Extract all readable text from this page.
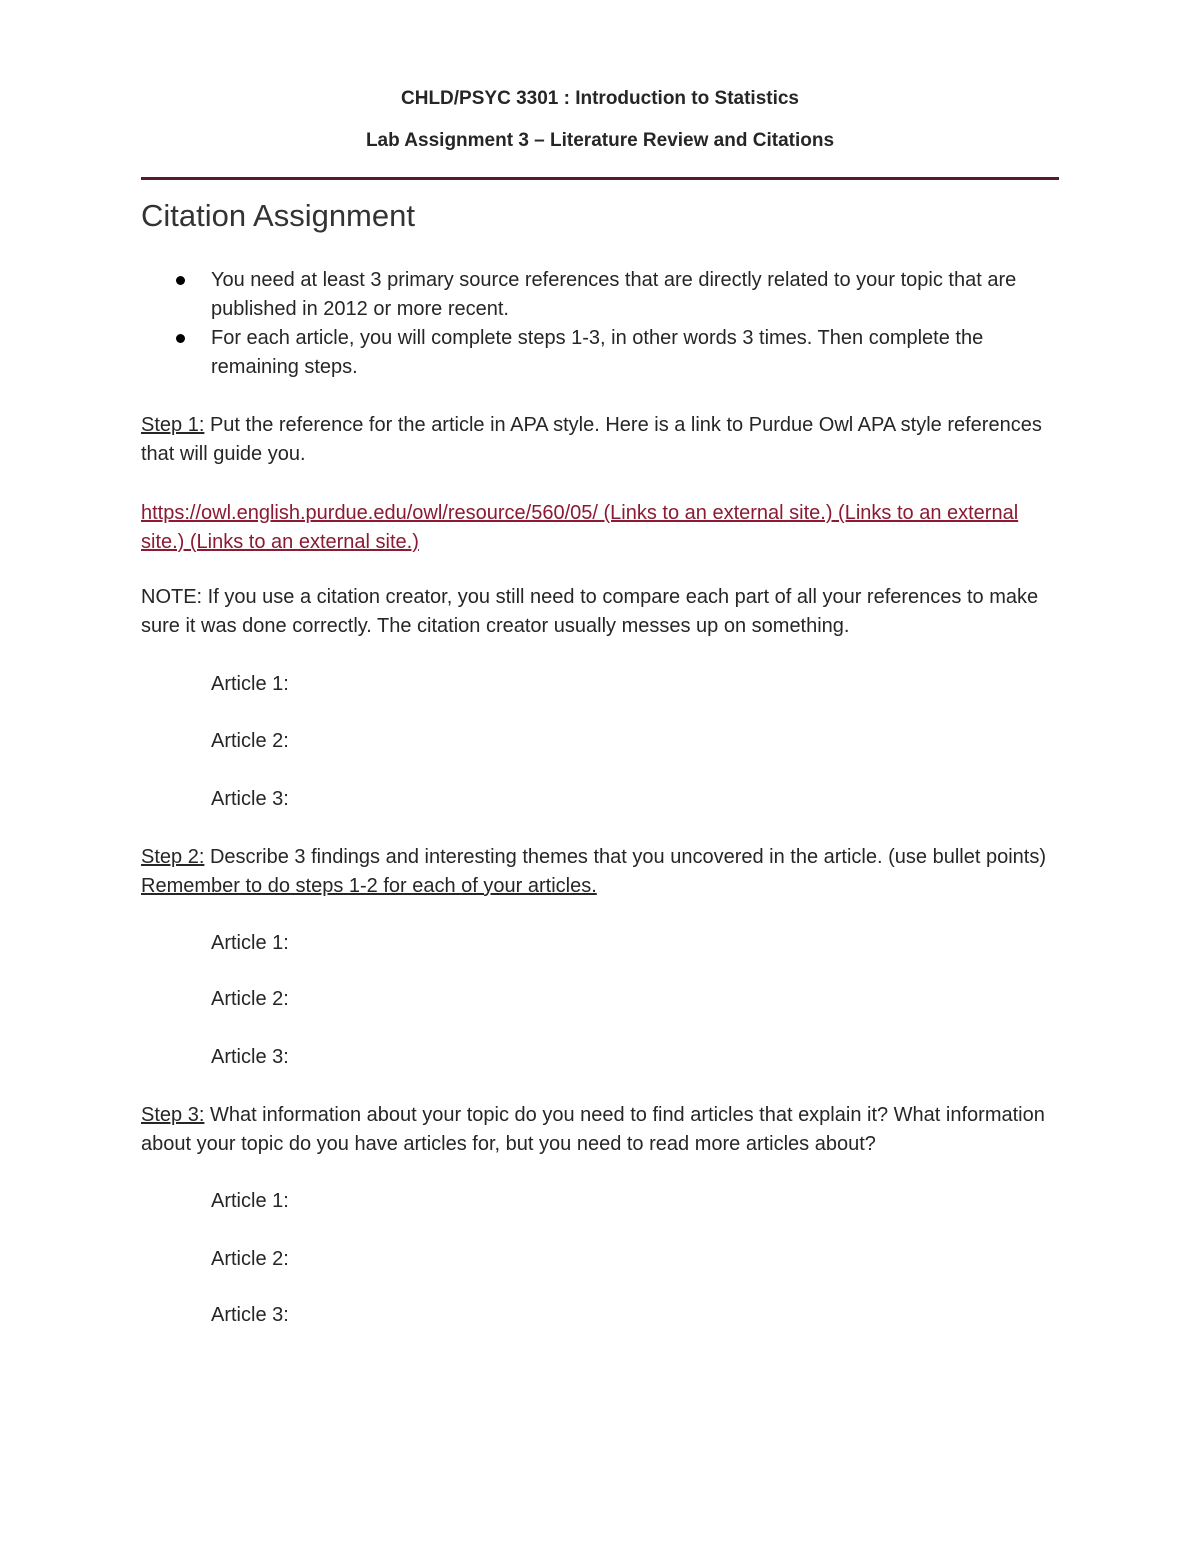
CHLD/PSYC 3301 : Introduction to Statistics
Lab Assignment 3 – Literature Review and Citations
Citation Assignment
You need at least 3 primary source references that are directly related to your topic that are published in 2012 or more recent.
For each article, you will complete steps 1-3, in other words 3 times. Then complete the remaining steps.

Step 1: Put the reference for the article in APA style. Here is a link to Purdue Owl APA style references that will guide you.

https://owl.english.purdue.edu/owl/resource/560/05/ (Links to an external site.) (Links to an external site.) (Links to an external site.)

NOTE: If you use a citation creator, you still need to compare each part of all your references to make sure it was done correctly. The citation creator usually messes up on something.

Article 1:
Article 2:
Article 3:

Step 2: Describe 3 findings and interesting themes that you uncovered in the article. (use bullet points) Remember to do steps 1-2 for each of your articles.

Article 1:
Article 2:
Article 3:

Step 3: What information about your topic do you need to find articles that explain it? What information about your topic do you have articles for, but you need to read more articles about?

Article 1:
Article 2:
Article 3:
